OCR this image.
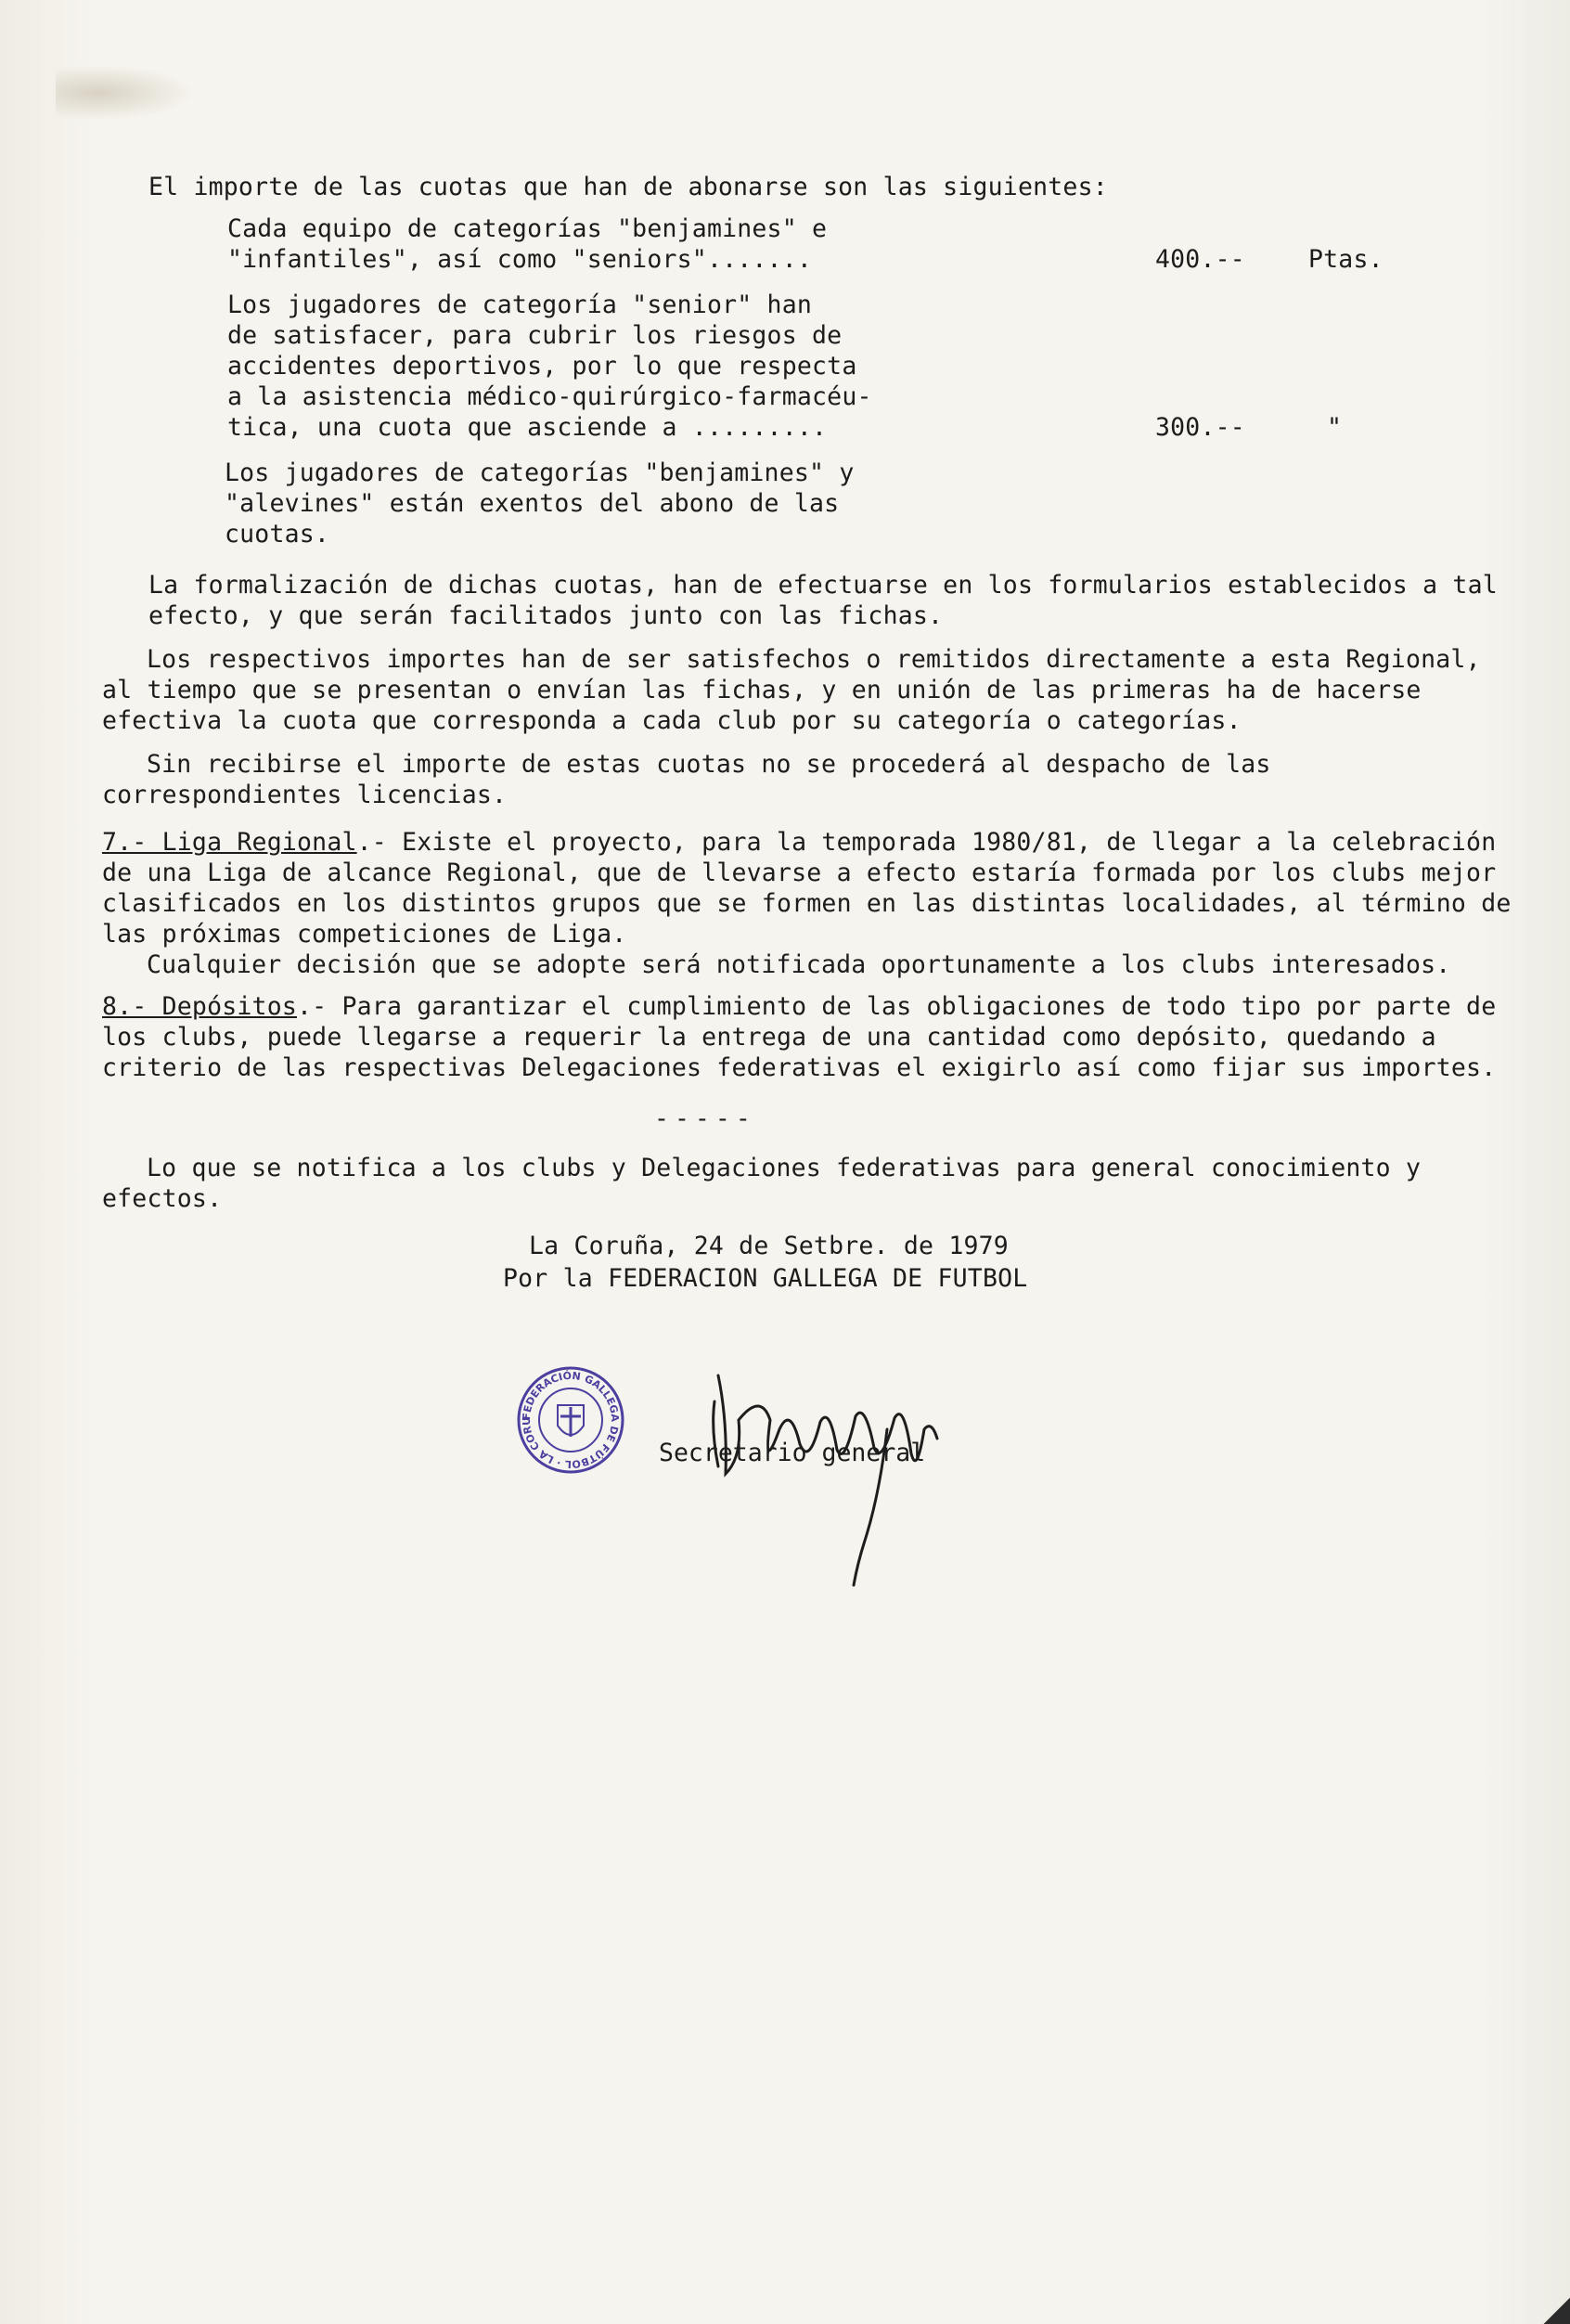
El importe de las cuotas que han de abonarse son las siguientes:

Cada equipo de categorías "benjamines" e
"infantiles", así como "seniors".......	400.--	Ptas.
Los jugadores de categoría "senior" han
de satisfacer, para cubrir los riesgos de
accidentes deportivos, por lo que respecta
a la asistencia médico-quirúrgico-farmacéu-
tica, una cuota que asciende a .........	300.--	"
Los jugadores de categorías "benjamines" y
"alevines" están exentos del abono de las
cuotas.

La formalización de dichas cuotas, han de efectuarse en los formularios establecidos a tal efecto, y que serán facilitados junto con las fichas.

Los respectivos importes han de ser satisfechos o remitidos directamente a esta Regional, al tiempo que se presentan o envían las fichas, y en unión de las primeras ha de hacerse efectiva la cuota que corresponda a cada club por su categoría o categorías.

Sin recibirse el importe de estas cuotas no se procederá al despacho de las correspondientes licencias.

7.- Liga Regional.- Existe el proyecto, para la temporada 1980/81, de llegar a la celebración de una Liga de alcance Regional, que de llevarse a efecto estaría formada por los clubs mejor clasificados en los distintos grupos que se formen en las distintas localidades, al término de las próximas competiciones de Liga.

Cualquier decisión que se adopte será notificada oportunamente a los clubs interesados.

8.- Depósitos.- Para garantizar el cumplimiento de las obligaciones de todo tipo por parte de los clubs, puede llegarse a requerir la entrega de una cantidad como depósito, quedando a criterio de las respectivas Delegaciones federativas el exigirlo así como fijar sus importes.

-----

Lo que se notifica a los clubs y Delegaciones federativas para general conocimiento y efectos.

La Coruña, 24 de Setbre. de 1979

Por la FEDERACION GALLEGA DE FUTBOL

FEDERACIÓN GALLEGA DE FÚTBOL · LA CORU

Secretario general
